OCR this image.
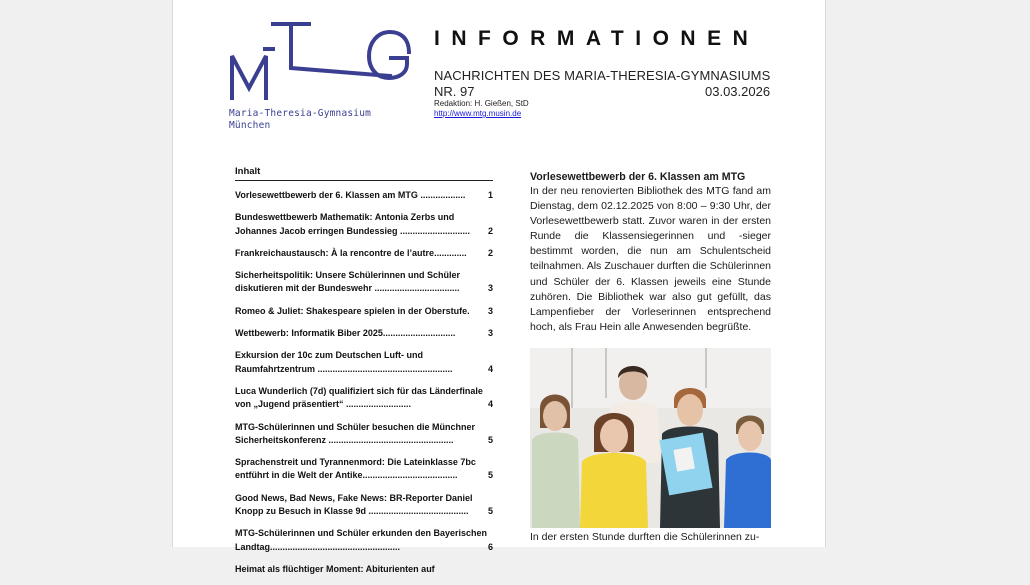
Maria-Theresia-Gymnasium
München
INFORMATIONEN
NACHRICHTEN DES MARIA-THERESIA-GYMNASIUMS
NR. 97	03.03.2026
Redaktion: H. Gießen, StD
http://www.mtg.musin.de
Inhalt
Vorlesewettbewerb der 6. Klassen am MTG ..................	1
Bundeswettbewerb Mathematik: Antonia Zerbs und Johannes Jacob erringen Bundessieg ............................ 2
Frankreichaustausch: À la rencontre de l’autre............. 2
Sicherheitspolitik: Unsere Schülerinnen und Schüler diskutieren mit der Bundeswehr ..................................	3
Romeo & Juliet: Shakespeare spielen in der Oberstufe. 3
Wettbewerb: Informatik Biber 2025.............................	3
Exkursion der 10c zum Deutschen Luft- und Raumfahrtzentrum ......................................................	4
Luca Wunderlich (7d) qualifiziert sich für das Länderfinale von „Jugend präsentiert“ ..........................	4
MTG-Schülerinnen und Schüler besuchen die Münchner Sicherheitskonferenz ..................................................	5
Sprachenstreit und Tyrannenmord: Die Lateinklasse 7bc entführt in die Welt der Antike......................................	5
Good News, Bad News, Fake News: BR-Reporter Daniel Knopp zu Besuch in Klasse 9d ........................................ 5
MTG-Schülerinnen und Schüler erkunden den Bayerischen Landtag....................................................	6
Heimat als flüchtiger Moment: Abiturienten auf
Vorlesewettbewerb der 6. Klassen am MTG
In der neu renovierten Bibliothek des MTG fand am Dienstag, dem 02.12.2025 von 8:00 – 9:30 Uhr, der Vorlesewettbewerb statt. Zuvor waren in der ersten Runde die Klassensiegerinnen und -sieger bestimmt worden, die nun am Schulentscheid teilnahmen. Als Zuschauer durften die Schülerinnen und Schüler der 6. Klassen jeweils eine Stunde zuhören. Die Bibliothek war also gut gefüllt, das Lampenfieber der Vorleserinnen entsprechend hoch, als Frau Hein alle Anwesenden begrüßte.
In der ersten Stunde durften die Schülerinnen zu-
